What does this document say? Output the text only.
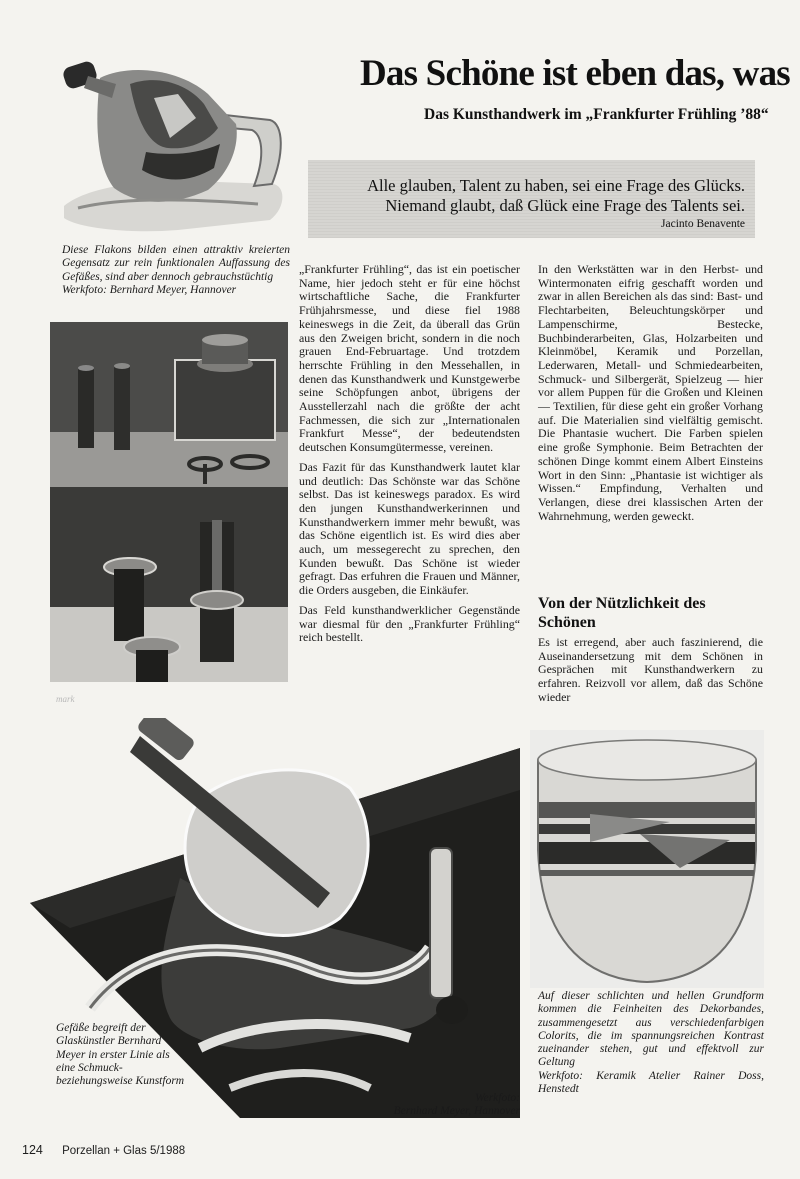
Das Schöne ist eben das, was
Das Kunsthandwerk im „Frankfurter Frühling ’88“
Alle glauben, Talent zu haben, sei eine Frage des Glücks.
Niemand glaubt, daß Glück eine Frage des Talents sei.
Jacinto Benavente
Diese Flakons bilden einen attraktiv kreierten Gegensatz zur rein funktionalen Auffassung des Gefäßes, sind aber dennoch gebrauchstüchtig
Werkfoto: Bernhard Meyer, Hannover
mark

„Frankfurter Frühling“, das ist ein poetischer Name, hier jedoch steht er für eine höchst wirtschaftliche Sache, die Frankfurter Frühjahrsmesse, und diese fiel 1988 keineswegs in die Zeit, da überall das Grün aus den Zweigen bricht, sondern in die noch grauen End-Februartage. Und trotzdem herrschte Frühling in den Messehallen, in denen das Kunsthandwerk und Kunstgewerbe seine Schöpfungen anbot, übrigens der Ausstellerzahl nach die größte der acht Fachmessen, die sich zur „Internationalen Frankfurt Messe“, der bedeutendsten deutschen Konsumgütermesse, vereinen.

Das Fazit für das Kunsthandwerk lautet klar und deutlich: Das Schönste war das Schöne selbst. Das ist keineswegs paradox. Es wird den jungen Kunsthandwerkerinnen und Kunsthandwerkern immer mehr bewußt, was das Schöne eigentlich ist. Es wird dies aber auch, um messegerecht zu sprechen, den Kunden bewußt. Das Schöne ist wieder gefragt. Das erfuhren die Frauen und Männer, die Orders ausgeben, die Einkäufer.

Das Feld kunsthandwerklicher Gegenstände war diesmal für den „Frankfurter Frühling“ reich bestellt.

In den Werkstätten war in den Herbst- und Wintermonaten eifrig geschafft worden und zwar in allen Bereichen als das sind: Bast- und Flechtarbeiten, Beleuchtungskörper und Lampenschirme, Bestecke, Buchbinderarbeiten, Glas, Holzarbeiten und Kleinmöbel, Keramik und Porzellan, Lederwaren, Metall- und Schmiedearbeiten, Schmuck- und Silbergerät, Spielzeug — hier vor allem Puppen für die Großen und Kleinen — Textilien, für diese geht ein großer Vorhang auf. Die Materialien sind vielfältig gemischt. Die Phantasie wuchert. Die Farben spielen eine große Symphonie. Beim Betrachten der schönen Dinge kommt einem Albert Einsteins Wort in den Sinn: „Phantasie ist wichtiger als Wissen.“ Empfindung, Verhalten und Verlangen, diese drei klassischen Arten der Wahrnehmung, werden geweckt.

Von der Nützlichkeit des Schönen

Es ist erregend, aber auch faszinierend, die Auseinandersetzung mit dem Schönen in Gesprächen mit Kunsthandwerkern zu erfahren. Reizvoll vor allem, daß das Schöne wieder

Gefäße begreift der Glaskünstler Bernhard Meyer in erster Linie als eine Schmuck- beziehungsweise Kunstform
Werkfoto:
Bernhard Meyer, Hannover
Auf dieser schlichten und hellen Grundform kommen die Feinheiten des Dekorbandes, zusammengesetzt aus verschiedenfarbigen Colorits, die im spannungsreichen Kontrast zueinander stehen, gut und effektvoll zur Geltung
Werkfoto: Keramik Atelier Rainer Doss, Henstedt
124 Porzellan + Glas 5/1988
